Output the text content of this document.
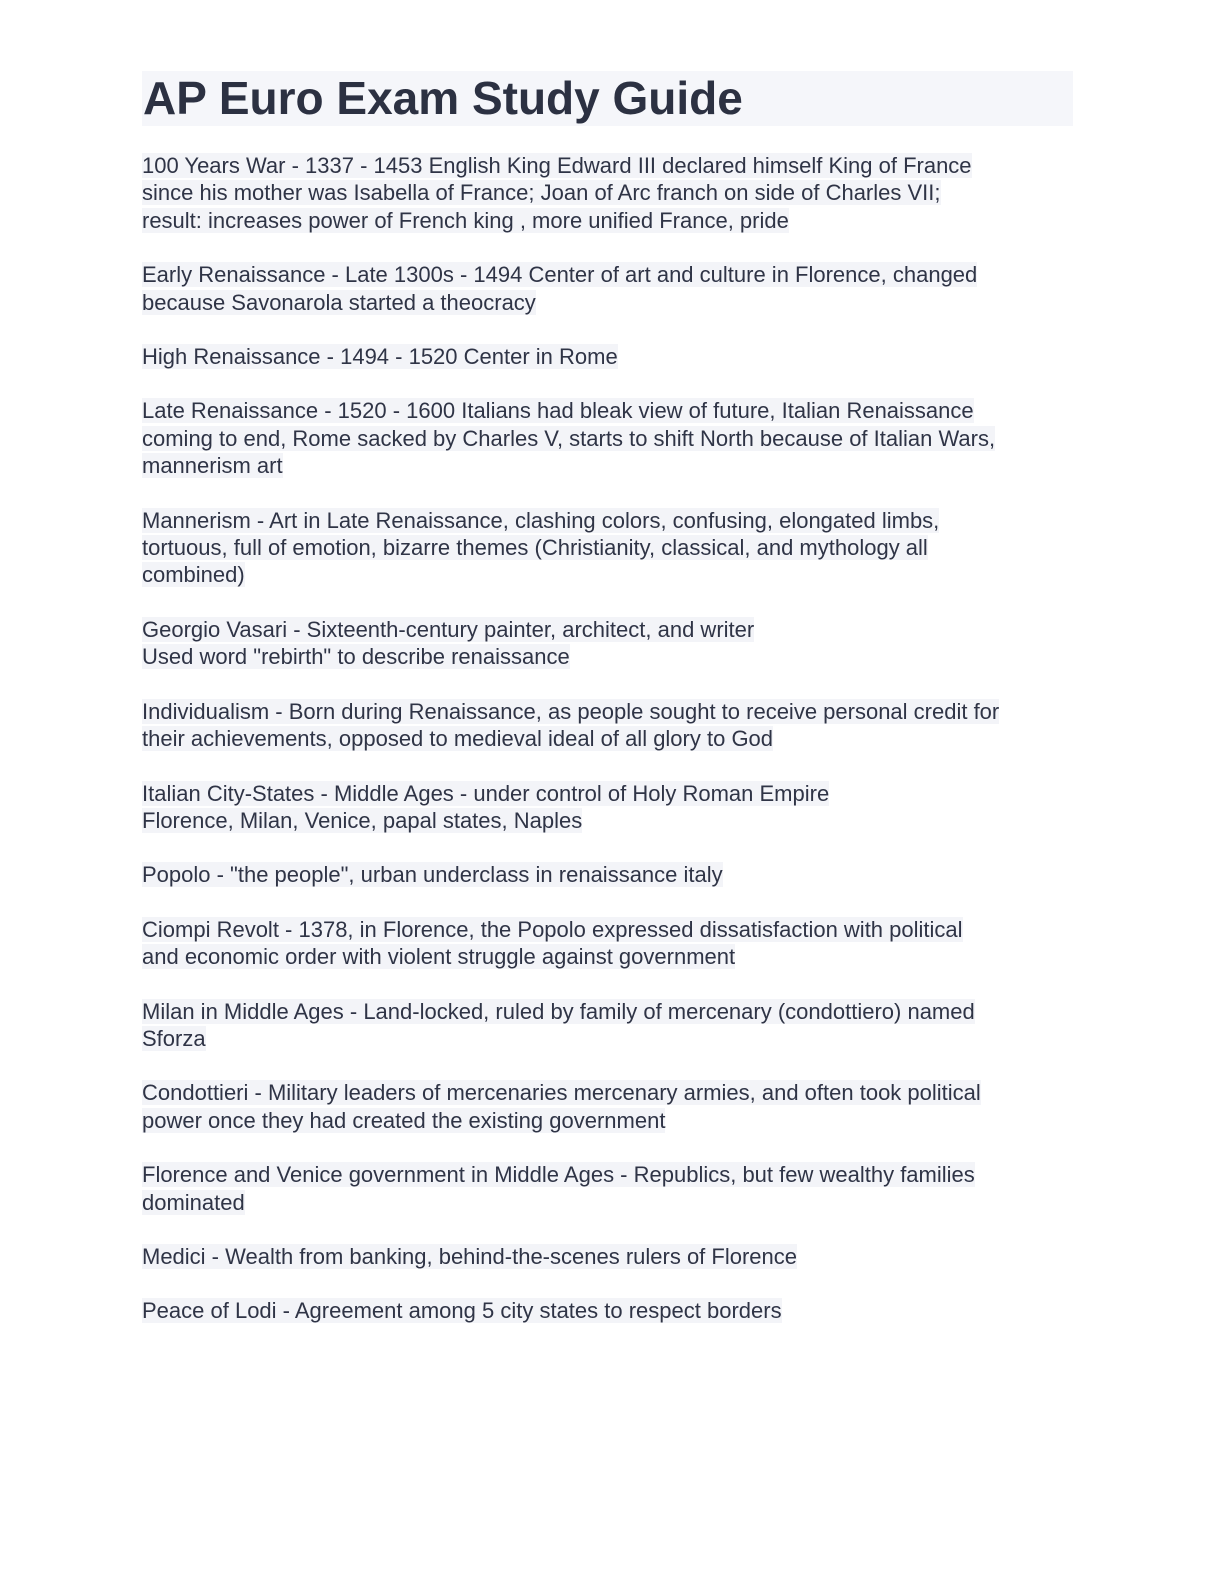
AP Euro Exam Study Guide

100 Years War - 1337 - 1453 English King Edward III declared himself King of France
since his mother was Isabella of France; Joan of Arc franch on side of Charles VII;
result: increases power of French king , more unified France, pride

Early Renaissance - Late 1300s - 1494 Center of art and culture in Florence, changed
because Savonarola started a theocracy

High Renaissance - 1494 - 1520 Center in Rome

Late Renaissance - 1520 - 1600 Italians had bleak view of future, Italian Renaissance
coming to end, Rome sacked by Charles V, starts to shift North because of Italian Wars,
mannerism art

Mannerism - Art in Late Renaissance, clashing colors, confusing, elongated limbs,
tortuous, full of emotion, bizarre themes (Christianity, classical, and mythology all
combined)

Georgio Vasari - Sixteenth-century painter, architect, and writer
Used word "rebirth" to describe renaissance

Individualism - Born during Renaissance, as people sought to receive personal credit for
their achievements, opposed to medieval ideal of all glory to God

Italian City-States - Middle Ages - under control of Holy Roman Empire
Florence, Milan, Venice, papal states, Naples

Popolo - "the people", urban underclass in renaissance italy

Ciompi Revolt - 1378, in Florence, the Popolo expressed dissatisfaction with political
and economic order with violent struggle against government

Milan in Middle Ages - Land-locked, ruled by family of mercenary (condottiero) named
Sforza

Condottieri - Military leaders of mercenaries mercenary armies, and often took political
power once they had created the existing government

Florence and Venice government in Middle Ages - Republics, but few wealthy families
dominated

Medici - Wealth from banking, behind-the-scenes rulers of Florence

Peace of Lodi - Agreement among 5 city states to respect borders
